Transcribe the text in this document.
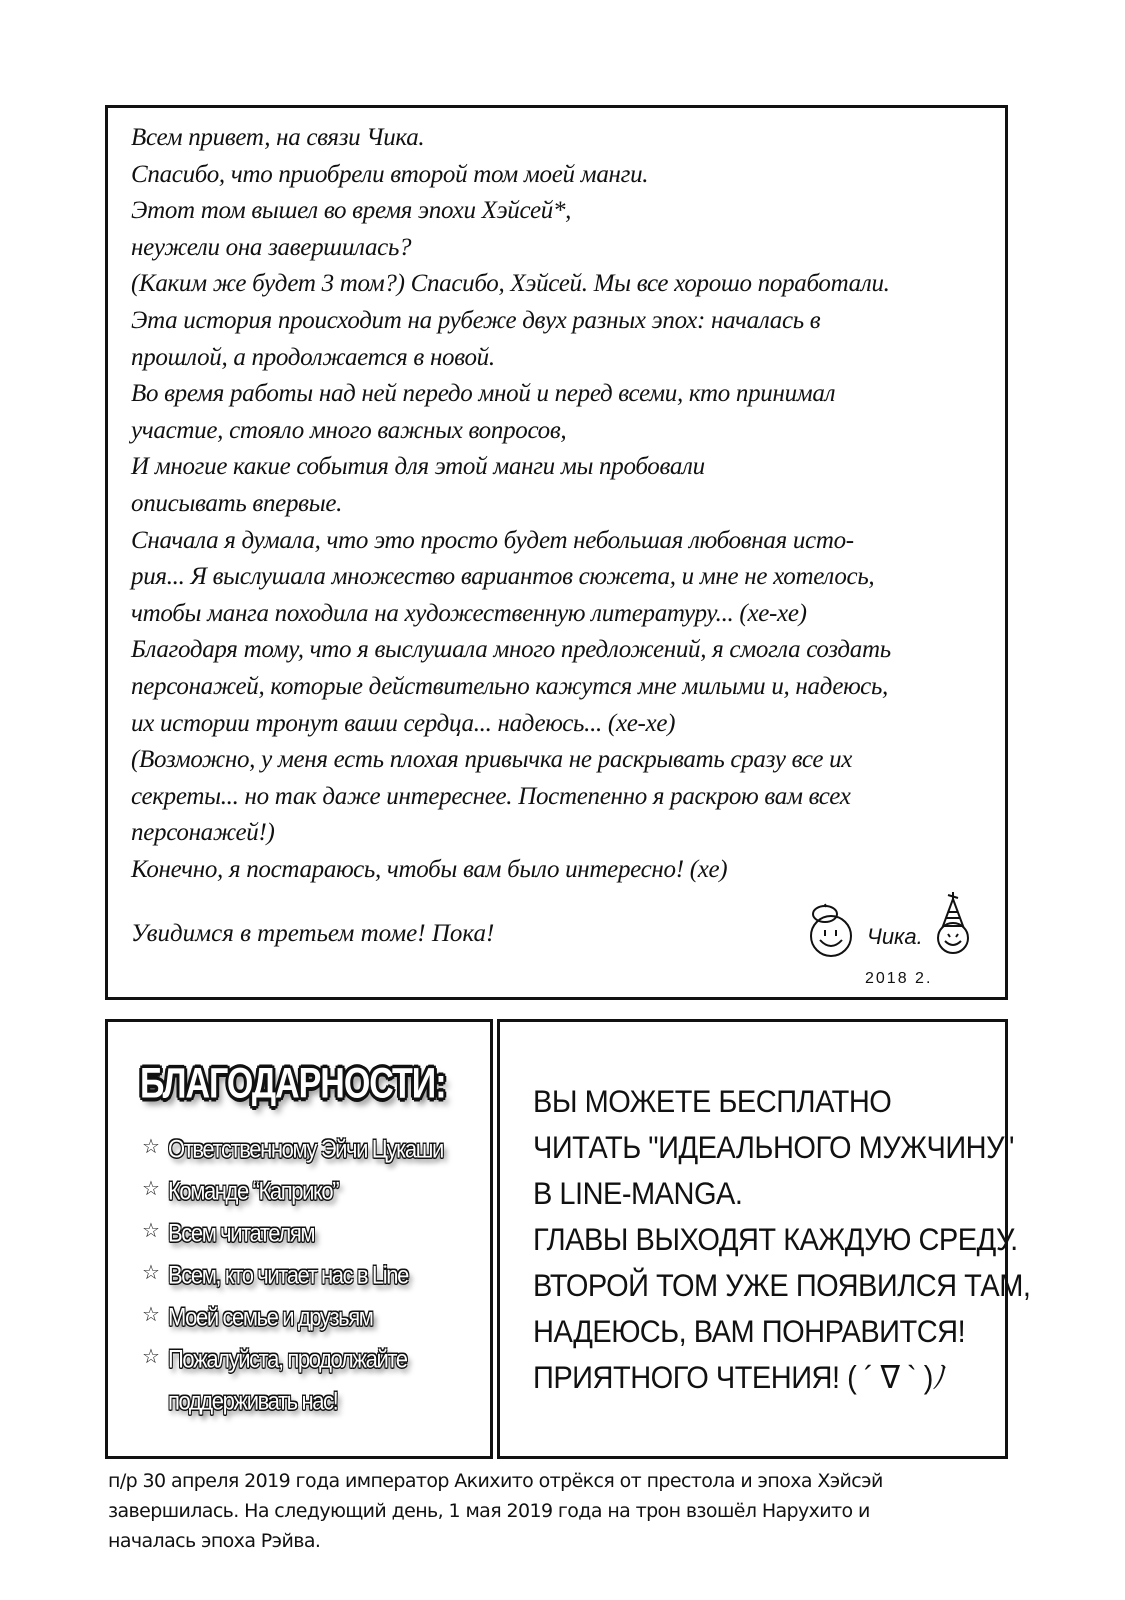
Всем привет, на связи Чика.
Спасибо, что приобрели второй том моей манги.
Этот том вышел во время эпохи Хэйсей*,
неужели она завершилась?
(Каким же будет 3 том?) Спасибо, Хэйсей. Мы все хорошо поработали.
Эта история происходит на рубеже двух разных эпох: началась в
прошлой, а продолжается в новой.
Во время работы над ней передо мной и перед всеми, кто принимал
участие, стояло много важных вопросов,
И многие какие события для этой манги мы пробовали
описывать впервые.
Сначала я думала, что это просто будет небольшая любовная исто-
рия... Я выслушала множество вариантов сюжета, и мне не хотелось,
чтобы манга походила на художественную литературу... (хе-хе)
Благодаря тому, что я выслушала много предложений, я смогла создать
персонажей, которые действительно кажутся мне милыми и, надеюсь,
их истории тронут ваши сердца... надеюсь... (хе-хе)
(Возможно, у меня есть плохая привычка не раскрывать сразу все их
секреты... но так даже интереснее. Постепенно я раскрою вам всех
персонажей!)
Конечно, я постараюсь, чтобы вам было интересно! (хе)
Увидимся в третьем томе! Пока!	Чика.
2018 2.
БЛАГОДАРНОСТИ:
☆ Ответственному Эйчи Цукаши
☆ Команде “Каприко”
☆ Всем читателям
☆ Всем, кто читает нас в Line
☆ Моей семье и друзьям
☆ Пожалуйста, продолжайте
поддерживать нас!
ВЫ МОЖЕТЕ БЕСПЛАТНО
ЧИТАТЬ "ИДЕАЛЬНОГО МУЖЧИНУ"
В LINE-MANGA.
ГЛАВЫ ВЫХОДЯТ КАЖДУЮ СРЕДУ.
ВТОРОЙ ТОМ УЖЕ ПОЯВИЛСЯ ТАМ,
НАДЕЮСЬ, ВАМ ПОНРАВИТСЯ!
ПРИЯТНОГО ЧТЕНИЯ! ( ´ ∇ ` )ﾉ
п/р 30 апреля 2019 года император Акихито отрёкся от престола и эпоха Хэйсэй
завершилась. На следующий день, 1 мая 2019 года на трон взошёл Нарухито и
началась эпоха Рэйва.
